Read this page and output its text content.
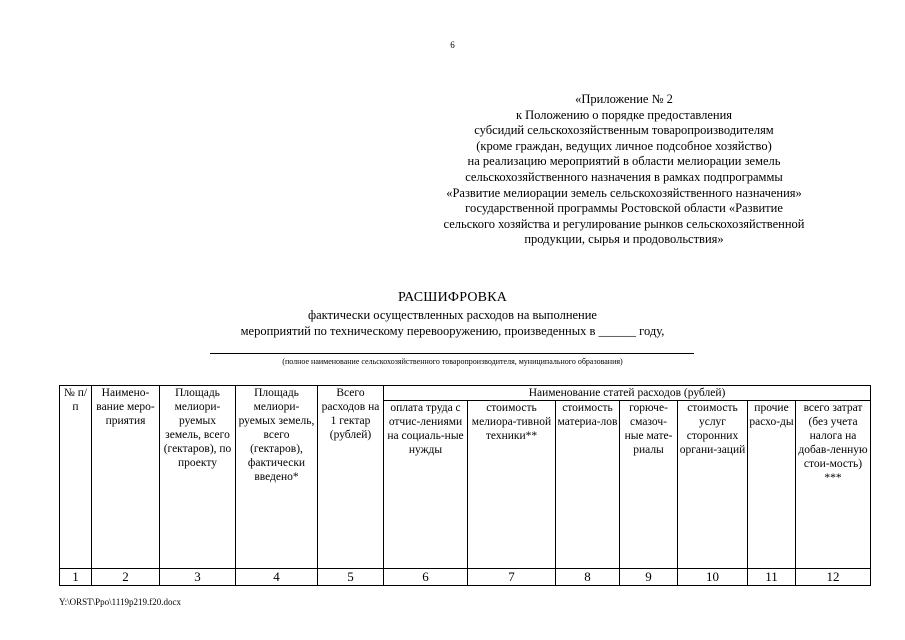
6
«Приложение № 2
к Положению о порядке предоставления
субсидий сельскохозяйственным товаропроизводителям
(кроме граждан, ведущих личное подсобное хозяйство)
на реализацию мероприятий в области мелиорации земель
сельскохозяйственного назначения в рамках подпрограммы
«Развитие мелиорации земель сельскохозяйственного назначения»
государственной программы Ростовской области «Развитие
сельского хозяйства и регулирование рынков сельскохозяйственной
продукции, сырья и продовольствия»
РАСШИФРОВКА
фактически осуществленных расходов на выполнение
мероприятий по техническому перевооружению, произведенных в ______ году,
(полное наименование сельскохозяйственного товаропроизводителя, муниципального образования)
№ п/п	Наимено-вание меро-приятия	Площадь мелиори-руемых земель, всего (гектаров), по проекту	Площадь мелиори-руемых земель, всего (гектаров), фактически введено*	Всего расходов на 1 гектар (рублей)	Наименование статей расходов (рублей)						
					оплата труда с отчис-лениями на социаль-ные нужды	стоимость мелиора-тивной техники**	стоимость материа-лов	горюче-смазоч-ные мате-риалы	стоимость услуг сторонних органи-заций	прочие расхо-ды	всего затрат (без учета налога на добав-ленную стои-мость) ***
1	2	3	4	5	6	7	8	9	10	11	12
Y:\ORST\Ppo\1119p219.f20.docx
